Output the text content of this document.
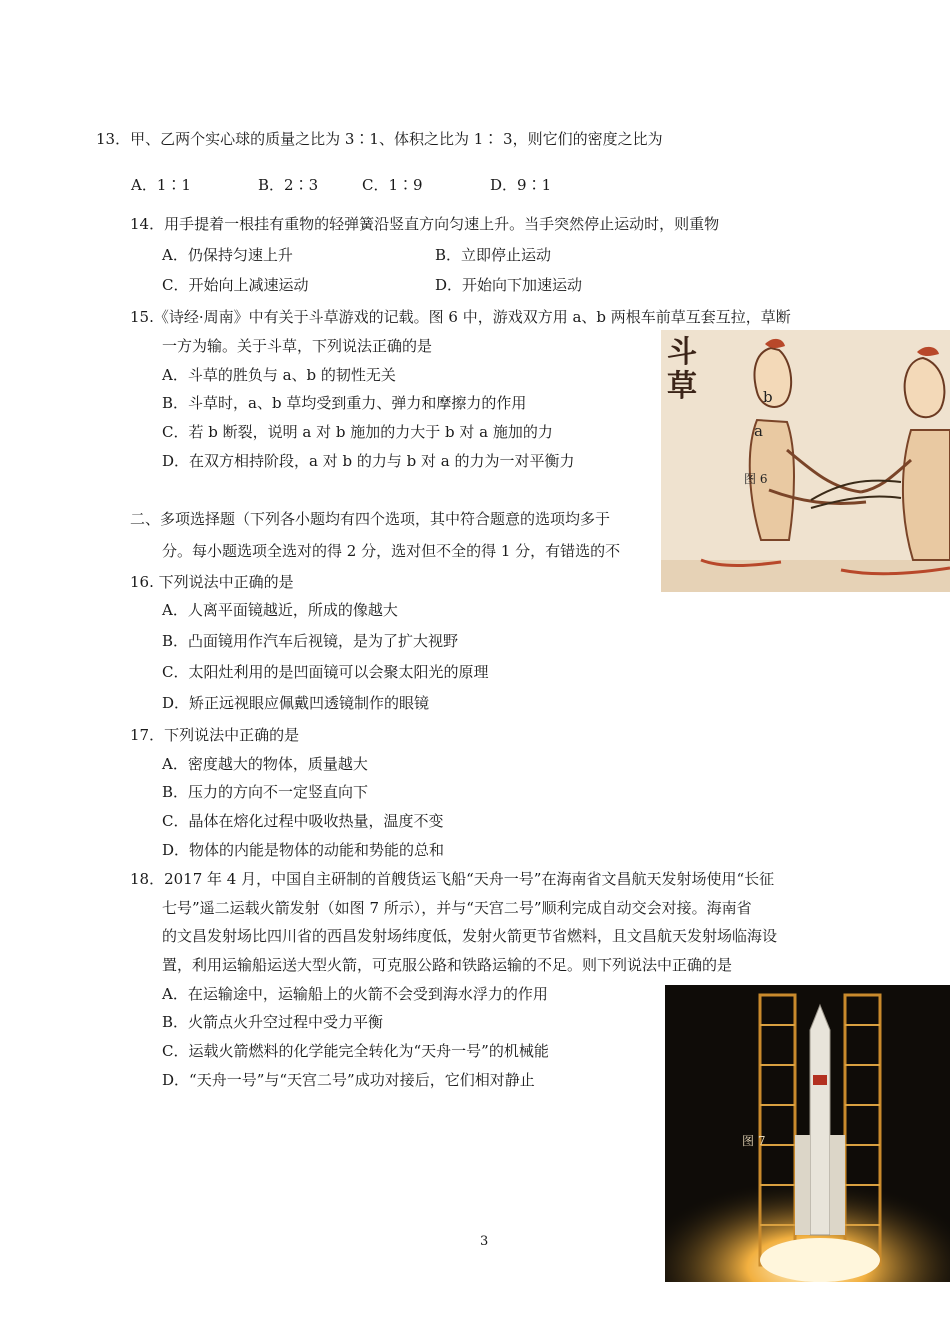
13．甲、乙两个实心球的质量之比为 3∶1、体积之比为 1∶ 3，则它们的密度之比为
A．1∶1	B．2∶3	C．1∶9	D．9∶1
14．用手提着一根挂有重物的轻弹簧沿竖直方向匀速上升。当手突然停止运动时，则重物
A．仍保持匀速上升	B．立即停止运动
C．开始向上减速运动	D．开始向下加速运动
15.《诗经·周南》中有关于斗草游戏的记载。图 6 中，游戏双方用 a、b 两根车前草互套互拉，草断
一方为输。关于斗草，下列说法正确的是
A．斗草的胜负与 a、b 的韧性无关
B．斗草时，a、b 草均受到重力、弹力和摩擦力的作用
C．若 b 断裂，说明 a 对 b 施加的力大于 b 对 a 施加的力
D．在双方相持阶段，a 对 b 的力与 b 对 a 的力为一对平衡力
二、多项选择题（下列各小题均有四个选项，其中符合题意的选项均多于
分。每小题选项全选对的得 2 分，选对但不全的得 1 分，有错选的不
16. 下列说法中正确的是
A．人离平面镜越近，所成的像越大
B．凸面镜用作汽车后视镜，是为了扩大视野
C．太阳灶利用的是凹面镜可以会聚太阳光的原理
D．矫正远视眼应佩戴凹透镜制作的眼镜
17．下列说法中正确的是
A．密度越大的物体，质量越大
B．压力的方向不一定竖直向下
C．晶体在熔化过程中吸收热量，温度不变
D．物体的内能是物体的动能和势能的总和
18．2017 年 4 月，中国自主研制的首艘货运飞船“天舟一号”在海南省文昌航天发射场使用“长征
七号”遥二运载火箭发射（如图 7 所示），并与“天宫二号”顺利完成自动交会对接。海南省
的文昌发射场比四川省的西昌发射场纬度低，发射火箭更节省燃料，且文昌航天发射场临海设
置，利用运输船运送大型火箭，可克服公路和铁路运输的不足。则下列说法中正确的是
A．在运输途中，运输船上的火箭不会受到海水浮力的作用
B．火箭点火升空过程中受力平衡
C．运载火箭燃料的化学能完全转化为“天舟一号”的机械能
D．“天舟一号”与“天宫二号”成功对接后，它们相对静止
斗草	b
a
图 6
图 7
3
